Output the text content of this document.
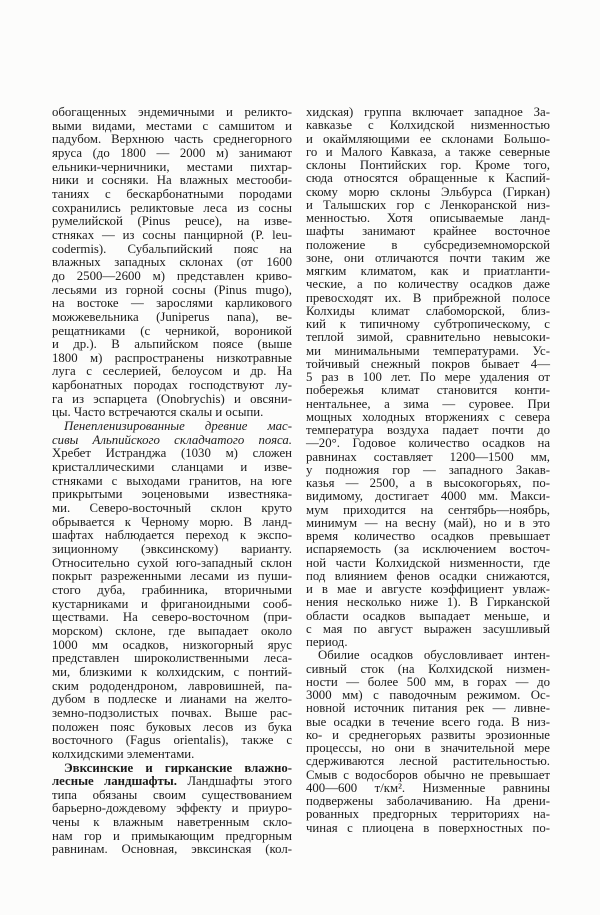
обогащенных эндемичными и реликто-
выми видами, местами с самшитом и
падубом. Верхнюю часть среднегорного
яруса (до 1800 — 2000 м) занимают
ельники-черничники, местами пихтар-
ники и сосняки. На влажных местооби-
таниях с бескарбонатными породами
сохранились реликтовые леса из сосны
румелийской (Pinus peuce), на изве-
стняках — из сосны панцирной (P. leu-
codermis). Субальпийский пояс на
влажных западных склонах (от 1600
до 2500—2600 м) представлен криво-
лесьями из горной сосны (Pinus mugo),
на востоке — зарослями карликового
можжевельника (Juniperus nana), ве-
рещатниками (с черникой, вороникой
и др.). В альпийском поясе (выше
1800 м) распространены низкотравные
луга с сеслерией, белоусом и др. На
карбонатных породах господствуют лу-
га из эспарцета (Onobrychis) и овсяни-
цы. Часто встречаются скалы и осыпи.
Пенепленизированные древние мас-
сивы Альпийского складчатого пояса.
Хребет Истранджа (1030 м) сложен
кристаллическими сланцами и изве-
стняками с выходами гранитов, на юге
прикрытыми эоценовыми известняка-
ми. Северо-восточный склон круто
обрывается к Черному морю. В ланд-
шафтах наблюдается переход к экспо-
зиционному (эвксинскому) варианту.
Относительно сухой юго-западный склон
покрыт разреженными лесами из пуши-
стого дуба, грабинника, вторичными
кустарниками и фриганоидными сооб-
ществами. На северо-восточном (при-
морском) склоне, где выпадает около
1000 мм осадков, низкогорный ярус
представлен широколиственными леса-
ми, близкими к колхидским, с понтий-
ским рододендроном, лавровишней, па-
дубом в подлеске и лианами на желто-
земно-подзолистых почвах. Выше рас-
положен пояс буковых лесов из бука
восточного (Fagus orientalis), также с
колхидскими элементами.
Эвксинские и гирканские влажно-
лесные ландшафты. Ландшафты этого
типа обязаны своим существованием
барьерно-дождевому эффекту и приуро-
чены к влажным наветренным скло-
нам гор и примыкающим предгорным
равнинам. Основная, эвксинская (кол-
хидская) группа включает западное За-
кавказье с Колхидской низменностью
и окаймляющими ее склонами Большо-
го и Малого Кавказа, а также северные
склоны Понтийских гор. Кроме того,
сюда относятся обращенные к Каспий-
скому морю склоны Эльбурса (Гиркан)
и Талышских гор с Ленкоранской низ-
менностью. Хотя описываемые ланд-
шафты занимают крайнее восточное
положение в субсредиземноморской
зоне, они отличаются почти таким же
мягким климатом, как и приатланти-
ческие, а по количеству осадков даже
превосходят их. В прибрежной полосе
Колхиды климат слабоморской, близ-
кий к типичному субтропическому, с
теплой зимой, сравнительно невысоки-
ми минимальными температурами. Ус-
тойчивый снежный покров бывает 4—
5 раз в 100 лет. По мере удаления от
побережья климат становится конти-
нентальнее, а зима — суровее. При
мощных холодных вторжениях с севера
температура воздуха падает почти до
—20°. Годовое количество осадков на
равнинах составляет 1200—1500 мм,
у подножия гор — западного Закав-
казья — 2500, а в высокогорьях, по-
видимому, достигает 4000 мм. Макси-
мум приходится на сентябрь—ноябрь,
минимум — на весну (май), но и в это
время количество осадков превышает
испаряемость (за исключением восточ-
ной части Колхидской низменности, где
под влиянием фенов осадки снижаются,
и в мае и августе коэффициент увлаж-
нения несколько ниже 1). В Гирканской
области осадков выпадает меньше, и
с мая по август выражен засушливый
период.
Обилие осадков обусловливает интен-
сивный сток (на Колхидской низмен-
ности — более 500 мм, в горах — до
3000 мм) с паводочным режимом. Ос-
новной источник питания рек — ливне-
вые осадки в течение всего года. В низ-
ко- и среднегорьях развиты эрозионные
процессы, но они в значительной мере
сдерживаются лесной растительностью.
Смыв с водосборов обычно не превышает
400—600 т/км². Низменные равнины
подвержены заболачиванию. На дрени-
рованных предгорных территориях на-
чиная с плиоцена в поверхностных по-
